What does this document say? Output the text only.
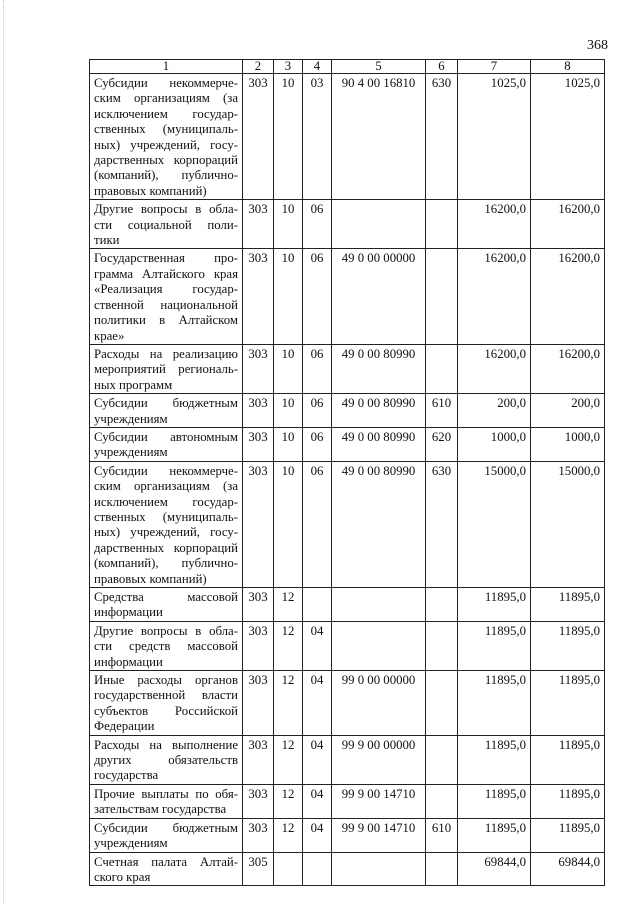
368
1	2	3	4	5	6	7	8
Субсидии некоммерче-ским организациям (за исключением государ-ственных (муниципаль-ных) учреждений, госу-дарственных корпораций (компаний), публично-правовых компаний)	303	10	03	90 4 00 16810	630	1025,0	1025,0
Другие вопросы в обла-сти социальной поли-тики	303	10	06			16200,0	16200,0
Государственная про-грамма Алтайского края «Реализация государ-ственной национальной политики в Алтайском крае»	303	10	06	49 0 00 00000		16200,0	16200,0
Расходы на реализацию мероприятий региональ-ных программ	303	10	06	49 0 00 80990		16200,0	16200,0
Субсидии бюджетным учреждениям	303	10	06	49 0 00 80990	610	200,0	200,0
Субсидии автономным учреждениям	303	10	06	49 0 00 80990	620	1000,0	1000,0
Субсидии некоммерче-ским организациям (за исключением государ-ственных (муниципаль-ных) учреждений, госу-дарственных корпораций (компаний), публично-правовых компаний)	303	10	06	49 0 00 80990	630	15000,0	15000,0
Средства массовой информации	303	12				11895,0	11895,0
Другие вопросы в обла-сти средств массовой информации	303	12	04			11895,0	11895,0
Иные расходы органов государственной власти субъектов Российской Федерации	303	12	04	99 0 00 00000		11895,0	11895,0
Расходы на выполнение других обязательств государства	303	12	04	99 9 00 00000		11895,0	11895,0
Прочие выплаты по обя-зательствам государства	303	12	04	99 9 00 14710		11895,0	11895,0
Субсидии бюджетным учреждениям	303	12	04	99 9 00 14710	610	11895,0	11895,0
Счетная палата Алтай-ского края	305					69844,0	69844,0
